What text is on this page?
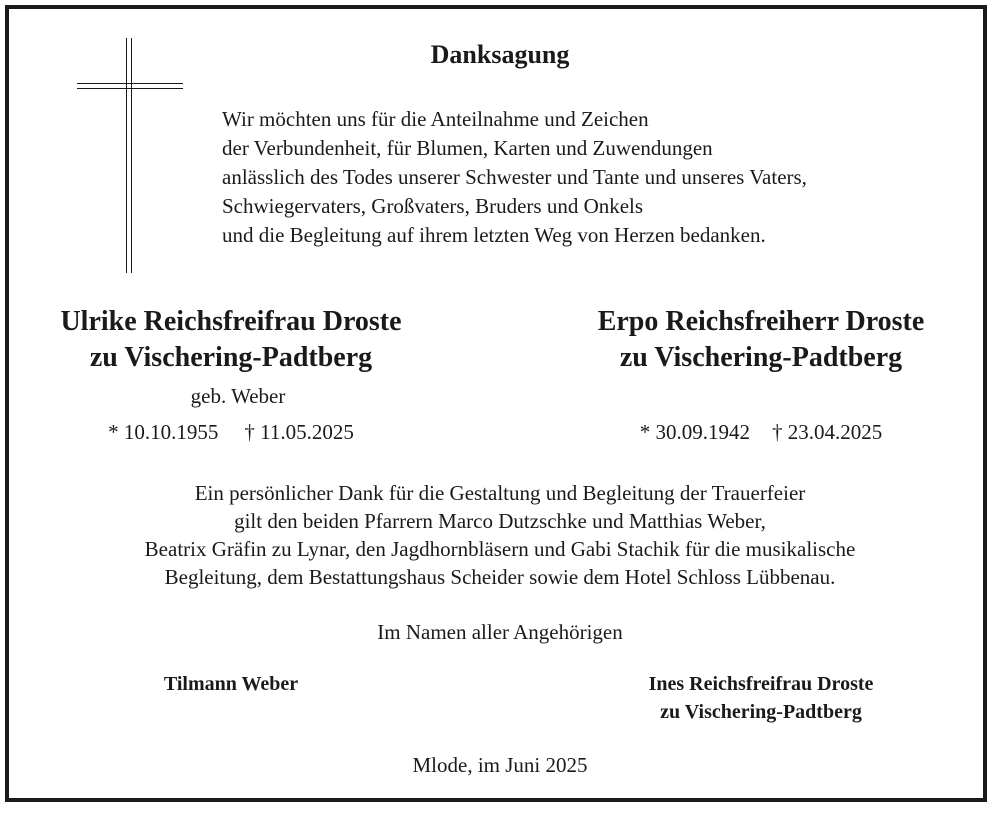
Danksagung
Wir möchten uns für die Anteilnahme und Zeichen
der Verbundenheit, für Blumen, Karten und Zuwendungen
anlässlich des Todes unserer Schwester und Tante und unseres Vaters,
Schwiegervaters, Großvaters, Bruders und Onkels
und die Begleitung auf ihrem letzten Weg von Herzen bedanken.
Ulrike Reichsfreifrau Droste
zu Vischering-Padtberg
geb. Weber
* 10.10.1955 † 11.05.2025
Erpo Reichsfreiherr Droste
zu Vischering-Padtberg
* 30.09.1942 † 23.04.2025
Ein persönlicher Dank für die Gestaltung und Begleitung der Trauerfeier
gilt den beiden Pfarrern Marco Dutzschke und Matthias Weber,
Beatrix Gräfin zu Lynar, den Jagdhornbläsern und Gabi Stachik für die musikalische
Begleitung, dem Bestattungshaus Scheider sowie dem Hotel Schloss Lübbenau.
Im Namen aller Angehörigen
Tilmann Weber	Ines Reichsfreifrau Droste
zu Vischering-Padtberg
Mlode, im Juni 2025
